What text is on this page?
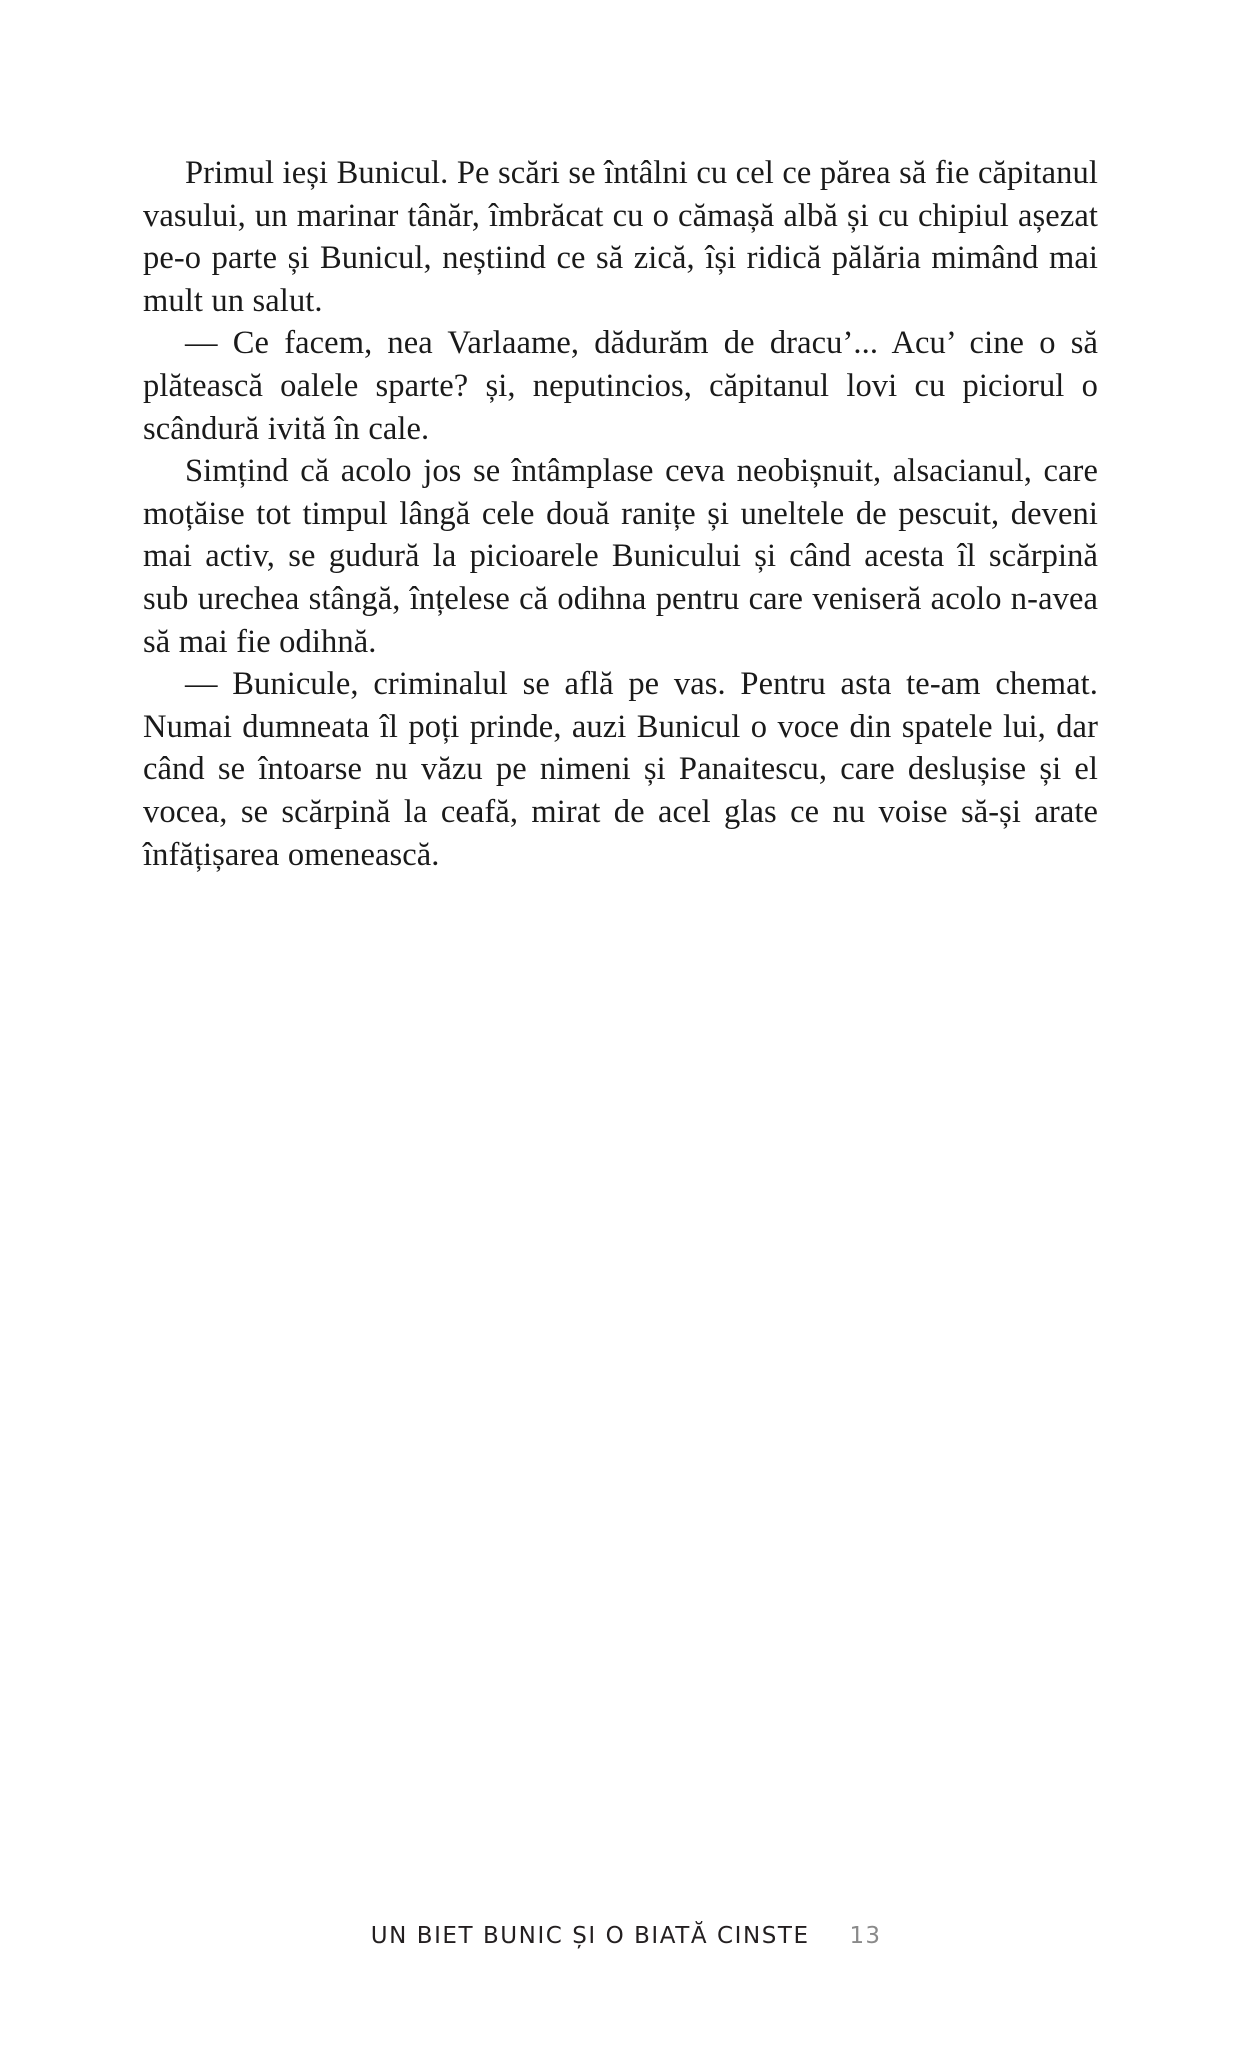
Primul ieși Bunicul. Pe scări se întâlni cu cel ce părea să fie căpitanul vasului, un marinar tânăr, îmbrăcat cu o cămașă albă și cu chipiul așezat pe-o parte și Bunicul, neștiind ce să zică, își ridică pălăria mimând mai mult un salut.

— Ce facem, nea Varlaame, dădurăm de dracu’... Acu’ cine o să plătească oalele sparte? și, neputincios, căpitanul lovi cu piciorul o scândură ivită în cale.

Simțind că acolo jos se întâmplase ceva neobișnuit, alsacianul, care moțăise tot timpul lângă cele două ranițe și uneltele de pescuit, deveni mai activ, se gudură la picioarele Bunicului și când acesta îl scărpină sub urechea stângă, înțelese că odihna pentru care veniseră acolo n-avea să mai fie odihnă.

— Bunicule, criminalul se află pe vas. Pentru asta te-am chemat. Numai dumneata îl poți prinde, auzi Bunicul o voce din spatele lui, dar când se întoarse nu văzu pe nimeni și Panaitescu, care deslușise și el vocea, se scărpină la ceafă, mirat de acel glas ce nu voise să-și arate înfățișarea omenească.

UN BIET BUNIC ȘI O BIATĂ CINSTE 13
